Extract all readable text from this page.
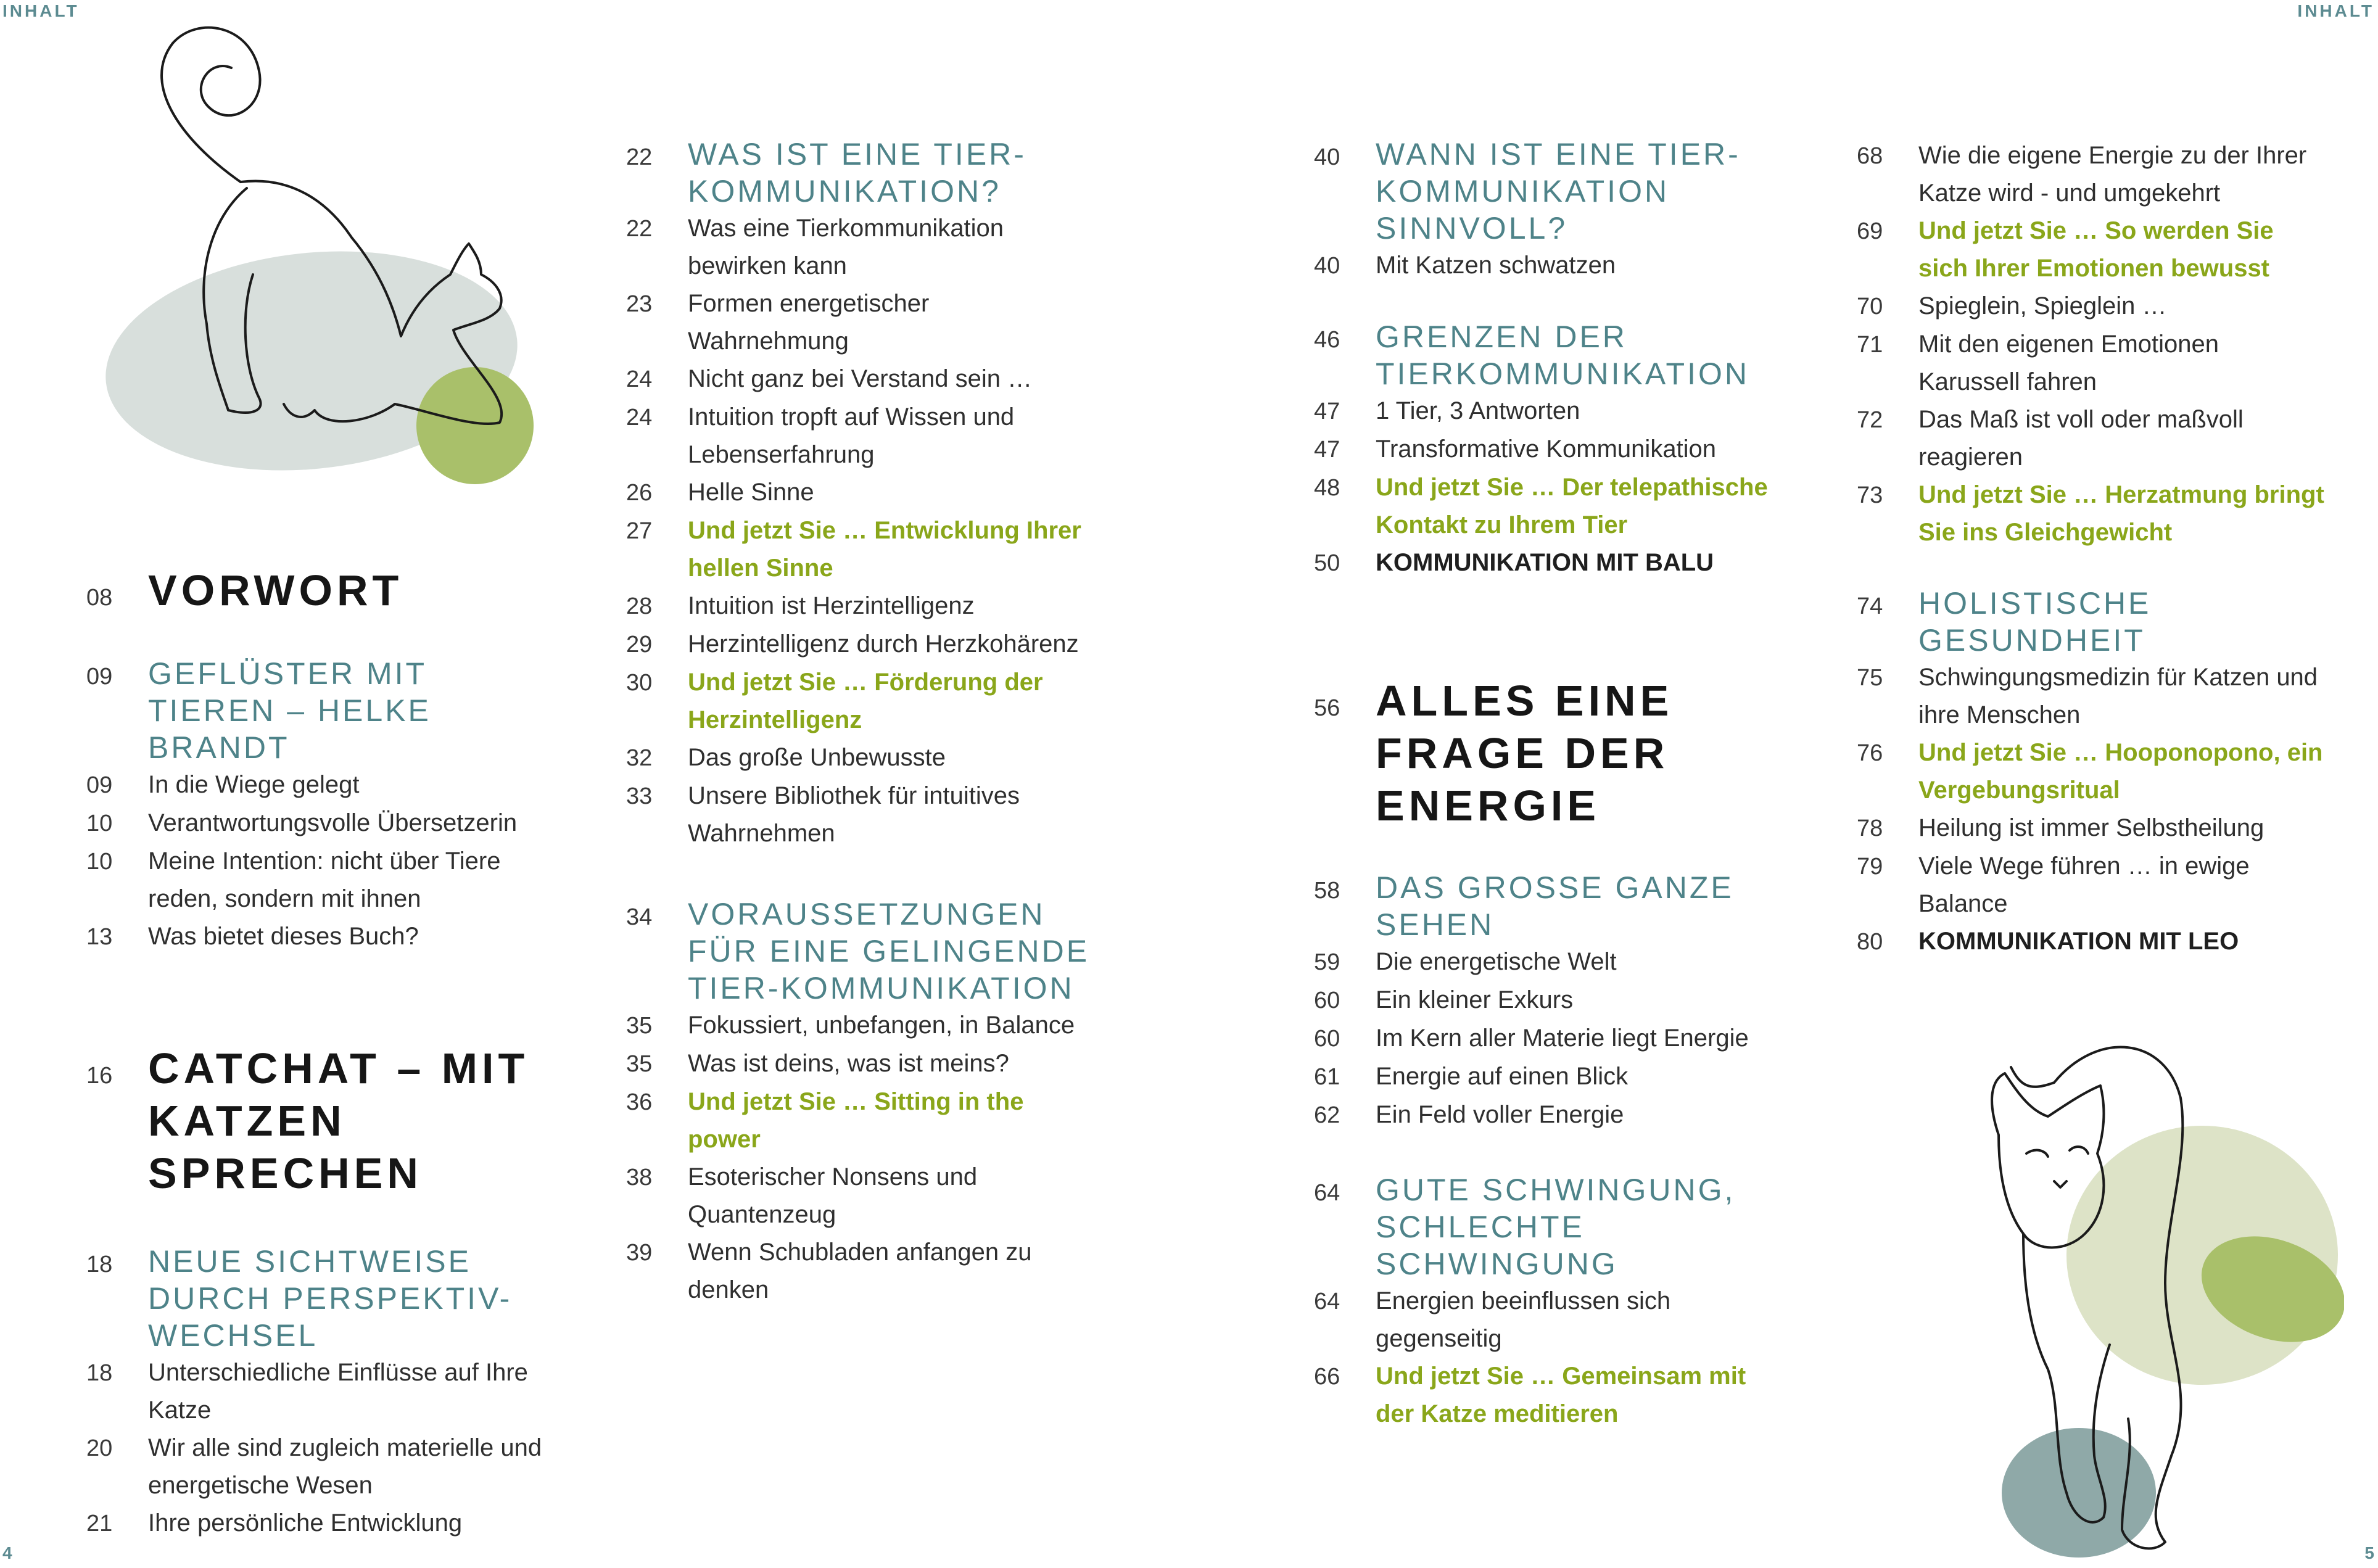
INHALT	INHALT
08 VORWORT
09	GEFLÜSTER MIT TIEREN – HELKE BRANDT
09	In die Wiege gelegt
10	Verantwortungsvolle Übersetzerin
10	Meine Intention: nicht über Tiere reden, sondern mit ihnen
13	Was bietet dieses Buch?
16 CATCHAT – MIT KATZEN SPRECHEN
18	NEUE SICHTWEISE DURCH PERSPEKTIV-WECHSEL
18	Unterschiedliche Einflüsse auf Ihre Katze
20	Wir alle sind zugleich materielle und energetische Wesen
21	Ihre persönliche Entwicklung
22	WAS IST EINE TIER-KOMMUNIKATION?
22	Was eine Tierkommunikation bewirken kann
23	Formen energetischer Wahrnehmung
24	Nicht ganz bei Verstand sein …
24	Intuition tropft auf Wissen und Lebenserfahrung
26	Helle Sinne
27	Und jetzt Sie … Entwicklung Ihrer hellen Sinne
28	Intuition ist Herzintelligenz
29	Herzintelligenz durch Herzkohärenz
30	Und jetzt Sie … Förderung der Herzintelligenz
32	Das große Unbewusste
33	Unsere Bibliothek für intuitives Wahrnehmen
34	VORAUSSETZUNGEN FÜR EINE GELINGENDE TIER-KOMMUNIKATION
35	Fokussiert, unbefangen, in Balance
35	Was ist deins, was ist meins?
36	Und jetzt Sie … Sitting in the power
38	Esoterischer Nonsens und Quantenzeug
39	Wenn Schubladen anfangen zu denken
40	WANN IST EINE TIER-KOMMUNIKATION SINNVOLL?
40	Mit Katzen schwatzen
46	GRENZEN DER TIERKOMMUNIKATION
47	1 Tier, 3 Antworten
47	Transformative Kommunikation
48	Und jetzt Sie … Der telepathische Kontakt zu Ihrem Tier
50	KOMMUNIKATION MIT BALU
56 ALLES EINE FRAGE DER ENERGIE
58	DAS GROSSE GANZE SEHEN
59	Die energetische Welt
60	Ein kleiner Exkurs
60	Im Kern aller Materie liegt Energie
61	Energie auf einen Blick
62	Ein Feld voller Energie
64	GUTE SCHWINGUNG, SCHLECHTE SCHWINGUNG
64	Energien beeinflussen sich gegenseitig
66	Und jetzt Sie … Gemeinsam mit der Katze meditieren
68	Wie die eigene Energie zu der Ihrer Katze wird - und umgekehrt
69	Und jetzt Sie … So werden Sie sich Ihrer Emotionen bewusst
70	Spieglein, Spieglein …
71	Mit den eigenen Emotionen Karussell fahren
72	Das Maß ist voll oder maßvoll reagieren
73	Und jetzt Sie … Herzatmung bringt Sie ins Gleichgewicht
74	HOLISTISCHE GESUNDHEIT
75	Schwingungsmedizin für Katzen und ihre Menschen
76	Und jetzt Sie … Hooponopono, ein Vergebungsritual
78	Heilung ist immer Selbstheilung
79	Viele Wege führen … in ewige Balance
80	KOMMUNIKATION MIT LEO
4	5
